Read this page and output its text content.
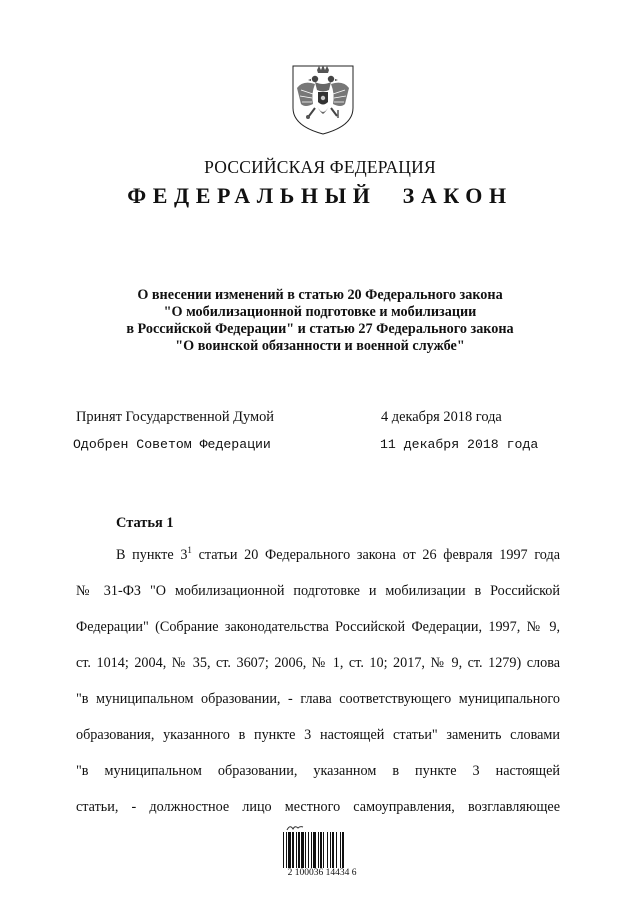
РОССИЙСКАЯ ФЕДЕРАЦИЯ
ФЕДЕРАЛЬНЫЙ ЗАКОН
О внесении изменений в статью 20 Федерального закона
"О мобилизационной подготовке и мобилизации
в Российской Федерации" и статью 27 Федерального закона
"О воинской обязанности и военной службе"
Принят Государственной Думой	4 декабря 2018 года
Одобрен Советом Федерации	11 декабря 2018 года
Статья 1
В пункте $3^1$ статьи 20 Федерального закона от 26 февраля 1997 года
№ 31-ФЗ "О мобилизационной подготовке и мобилизации в Российской
Федерации" (Собрание законодательства Российской Федерации, 1997, № 9,
ст. 1014; 2004, № 35, ст. 3607; 2006, № 1, ст. 10; 2017, № 9, ст. 1279) слова
"в муниципальном образовании, - глава соответствующего муниципального
образования, указанного в пункте 3 настоящей статьи" заменить словами
"в муниципальном образовании, указанном в пункте 3 настоящей
статьи, - должностное лицо местного самоуправления, возглавляющее
2 100036 14434 6
